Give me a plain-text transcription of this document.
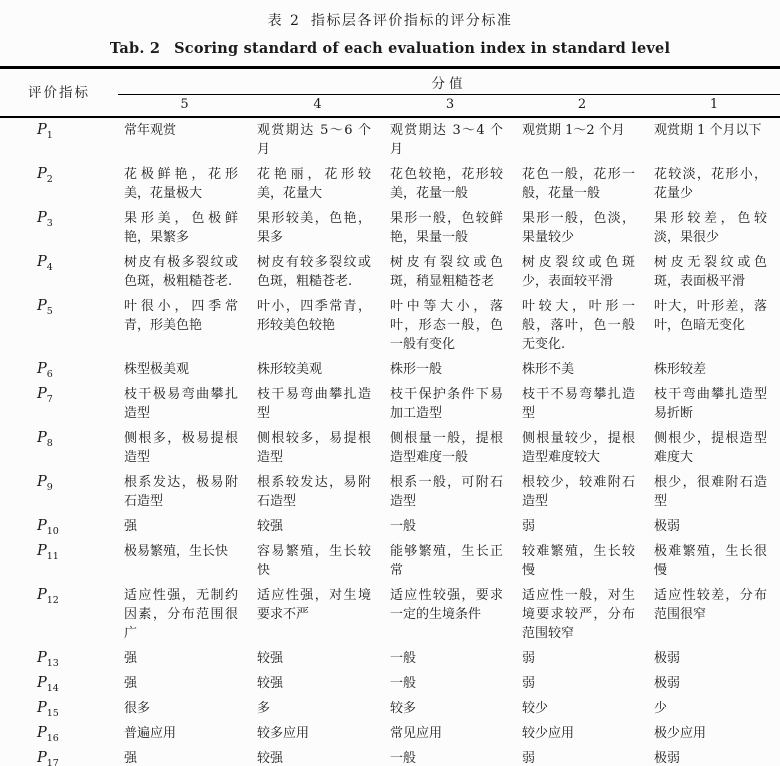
表 2 指标层各评价指标的评分标准
Tab. 2 Scoring standard of each evaluation index in standard level
评价指标	分值				
	5	4	3	2	1
$P_1$	常年观赏	观赏期达 5～6 个月	观赏期达 3～4 个月	观赏期 1～2 个月	观赏期 1 个月以下
$P_2$	花极鲜艳，花形美，花量极大	花艳丽，花形较美，花量大	花色较艳，花形较美，花量一般	花色一般，花形一般，花量一般	花较淡，花形小，花量少
$P_3$	果形美，色极鲜艳，果繁多	果形较美，色艳，果多	果形一般，色较鲜艳，果量一般	果形一般，色淡，果量较少	果形较差，色较淡，果很少
$P_4$	树皮有极多裂纹或色斑，极粗糙苍老.	树皮有较多裂纹或色斑，粗糙苍老.	树皮有裂纹或色斑，稍显粗糙苍老	树皮裂纹或色斑少，表面较平滑	树皮无裂纹或色斑，表面极平滑
$P_5$	叶很小，四季常青，形美色艳	叶小，四季常青，形较美色较艳	叶中等大小，落叶，形态一般，色一般有变化	叶较大，叶形一般，落叶，色一般无变化.	叶大，叶形差，落叶，色暗无变化
$P_6$	株型极美观	株形较美观	株形一般	株形不美	株形较差
$P_7$	枝干极易弯曲攀扎造型	枝干易弯曲攀扎造型	枝干保护条件下易加工造型	枝干不易弯攀扎造型	枝干弯曲攀扎造型易折断
$P_8$	侧根多，极易提根造型	侧根较多，易提根造型	侧根量一般，提根造型难度一般	侧根量较少，提根造型难度较大	侧根少，提根造型难度大
$P_9$	根系发达，极易附石造型	根系较发达，易附石造型	根系一般，可附石造型	根较少，较难附石造型	根少，很难附石造型
$P_{10}$	强	较强	一般	弱	极弱
$P_{11}$	极易繁殖，生长快	容易繁殖，生长较快	能够繁殖，生长正常	较难繁殖，生长较慢	极难繁殖，生长很慢
$P_{12}$	适应性强，无制约因素，分布范围很广	适应性强，对生境要求不严	适应性较强，要求一定的生境条件	适应性一般，对生境要求较严，分布范围较窄	适应性较差，分布范围很窄
$P_{13}$	强	较强	一般	弱	极弱
$P_{14}$	强	较强	一般	弱	极弱
$P_{15}$	很多	多	较多	较少	少
$P_{16}$	普遍应用	较多应用	常见应用	较少应用	极少应用
$P_{17}$	强	较强	一般	弱	极弱
